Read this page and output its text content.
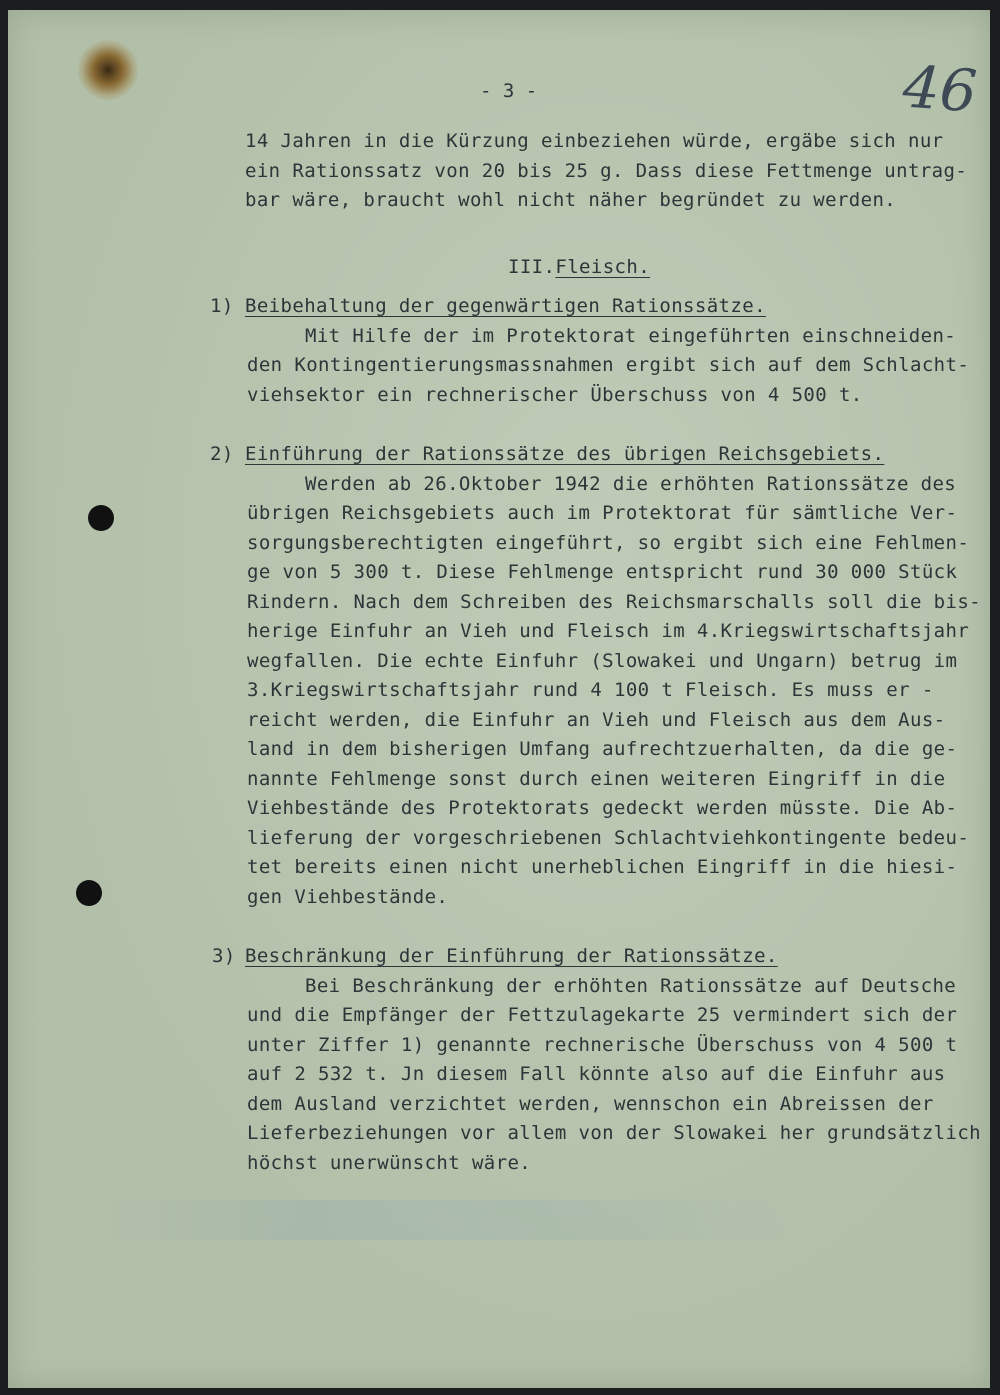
- 3 -	46
14 Jahren in die Kürzung einbeziehen würde, ergäbe sich nur
ein Rationssatz von 20 bis 25 g. Dass diese Fettmenge untrag-
bar wäre, braucht wohl nicht näher begründet zu werden.
III.Fleisch.
1) Beibehaltung der gegenwärtigen Rationssätze.
Mit Hilfe der im Protektorat eingeführten einschneiden-
den Kontingentierungsmassnahmen ergibt sich auf dem Schlacht-
viehsektor ein rechnerischer Überschuss von 4 500 t.
2) Einführung der Rationssätze des übrigen Reichsgebiets.
Werden ab 26.Oktober 1942 die erhöhten Rationssätze des
übrigen Reichsgebiets auch im Protektorat für sämtliche Ver-
sorgungsberechtigten eingeführt, so ergibt sich eine Fehlmen-
ge von 5 300 t. Diese Fehlmenge entspricht rund 30 000 Stück
Rindern. Nach dem Schreiben des Reichsmarschalls soll die bis-
herige Einfuhr an Vieh und Fleisch im 4.Kriegswirtschaftsjahr
wegfallen. Die echte Einfuhr (Slowakei und Ungarn) betrug im
3.Kriegswirtschaftsjahr rund 4 100 t Fleisch. Es muss er -
reicht werden, die Einfuhr an Vieh und Fleisch aus dem Aus-
land in dem bisherigen Umfang aufrechtzuerhalten, da die ge-
nannte Fehlmenge sonst durch einen weiteren Eingriff in die
Viehbestände des Protektorats gedeckt werden müsste. Die Ab-
lieferung der vorgeschriebenen Schlachtviehkontingente bedeu-
tet bereits einen nicht unerheblichen Eingriff in die hiesi-
gen Viehbestände.
3) Beschränkung der Einführung der Rationssätze.
Bei Beschränkung der erhöhten Rationssätze auf Deutsche
und die Empfänger der Fettzulagekarte 25 vermindert sich der
unter Ziffer 1) genannte rechnerische Überschuss von 4 500 t
auf 2 532 t. Jn diesem Fall könnte also auf die Einfuhr aus
dem Ausland verzichtet werden, wennschon ein Abreissen der
Lieferbeziehungen vor allem von der Slowakei her grundsätzlich
höchst unerwünscht wäre.
